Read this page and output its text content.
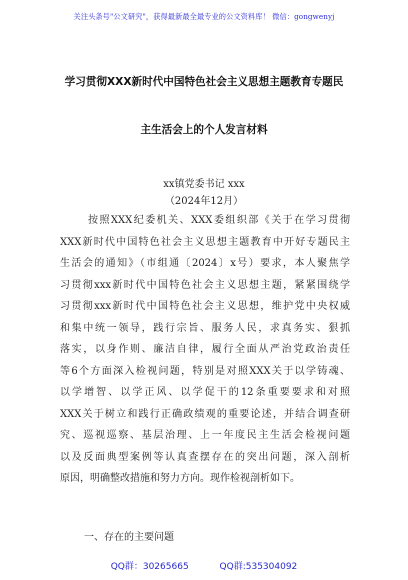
关注头条号"公文研究"，获得最新最全最专业的公文资料库！ 微信：gongwenyj
学习贯彻XXX新时代中国特色社会主义思想主题教育专题民
主生活会上的个人发言材料
xx镇党委书记 xxx
（2024年12月）
按照XXX纪委机关、XXX委组织部《关于在学习贯彻
XXX新时代中国特色社会主义思想主题教育中开好专题民主
生活会的通知》（市组通〔2024〕x号）要求，本人聚焦学
习贯彻xxx新时代中国特色社会主义思想主题，紧紧围绕学
习贯彻xxx新时代中国特色社会主义思想，维护党中央权威
和集中统一领导，践行宗旨、服务人民，求真务实、狠抓
落实，以身作则、廉洁自律，履行全面从严治党政治责任
等6个方面深入检视问题，特别是对照XXX关于以学铸魂、
以学增智、以学正风、以学促干的12条重要要求和对照
XXX关于树立和践行正确政绩观的重要论述，并结合调查研
究、巡视巡察、基层治理、上一年度民主生活会检视问题
以及反面典型案例等认真查摆存在的突出问题，深入剖析
原因，明确整改措施和努力方向。现作检视剖析如下。
一、存在的主要问题
QQ群：30265665	QQ群:535304092
